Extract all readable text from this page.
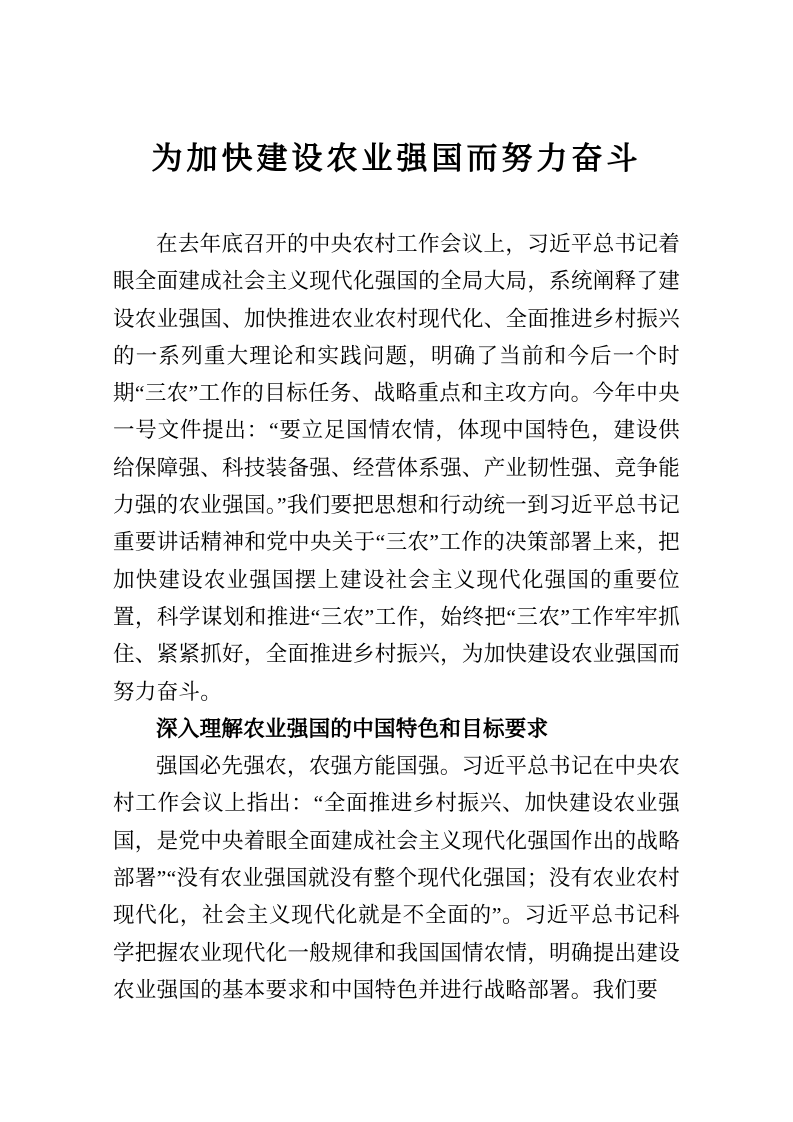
为加快建设农业强国而努力奋斗

在去年底召开的中央农村工作会议上，习近平总书记着眼全面建成社会主义现代化强国的全局大局，系统阐释了建设农业强国、加快推进农业农村现代化、全面推进乡村振兴的一系列重大理论和实践问题，明确了当前和今后一个时期“三农”工作的目标任务、战略重点和主攻方向。今年中央一号文件提出：“要立足国情农情，体现中国特色，建设供给保障强、科技装备强、经营体系强、产业韧性强、竞争能力强的农业强国。”我们要把思想和行动统一到习近平总书记重要讲话精神和党中央关于“三农”工作的决策部署上来，把加快建设农业强国摆上建设社会主义现代化强国的重要位置，科学谋划和推进“三农”工作，始终把“三农”工作牢牢抓住、紧紧抓好，全面推进乡村振兴，为加快建设农业强国而努力奋斗。

深入理解农业强国的中国特色和目标要求

强国必先强农，农强方能国强。习近平总书记在中央农村工作会议上指出：“全面推进乡村振兴、加快建设农业强国，是党中央着眼全面建成社会主义现代化强国作出的战略部署”“没有农业强国就没有整个现代化强国；没有农业农村现代化，社会主义现代化就是不全面的”。习近平总书记科学把握农业现代化一般规律和我国国情农情，明确提出建设农业强国的基本要求和中国特色并进行战略部署。我们要
